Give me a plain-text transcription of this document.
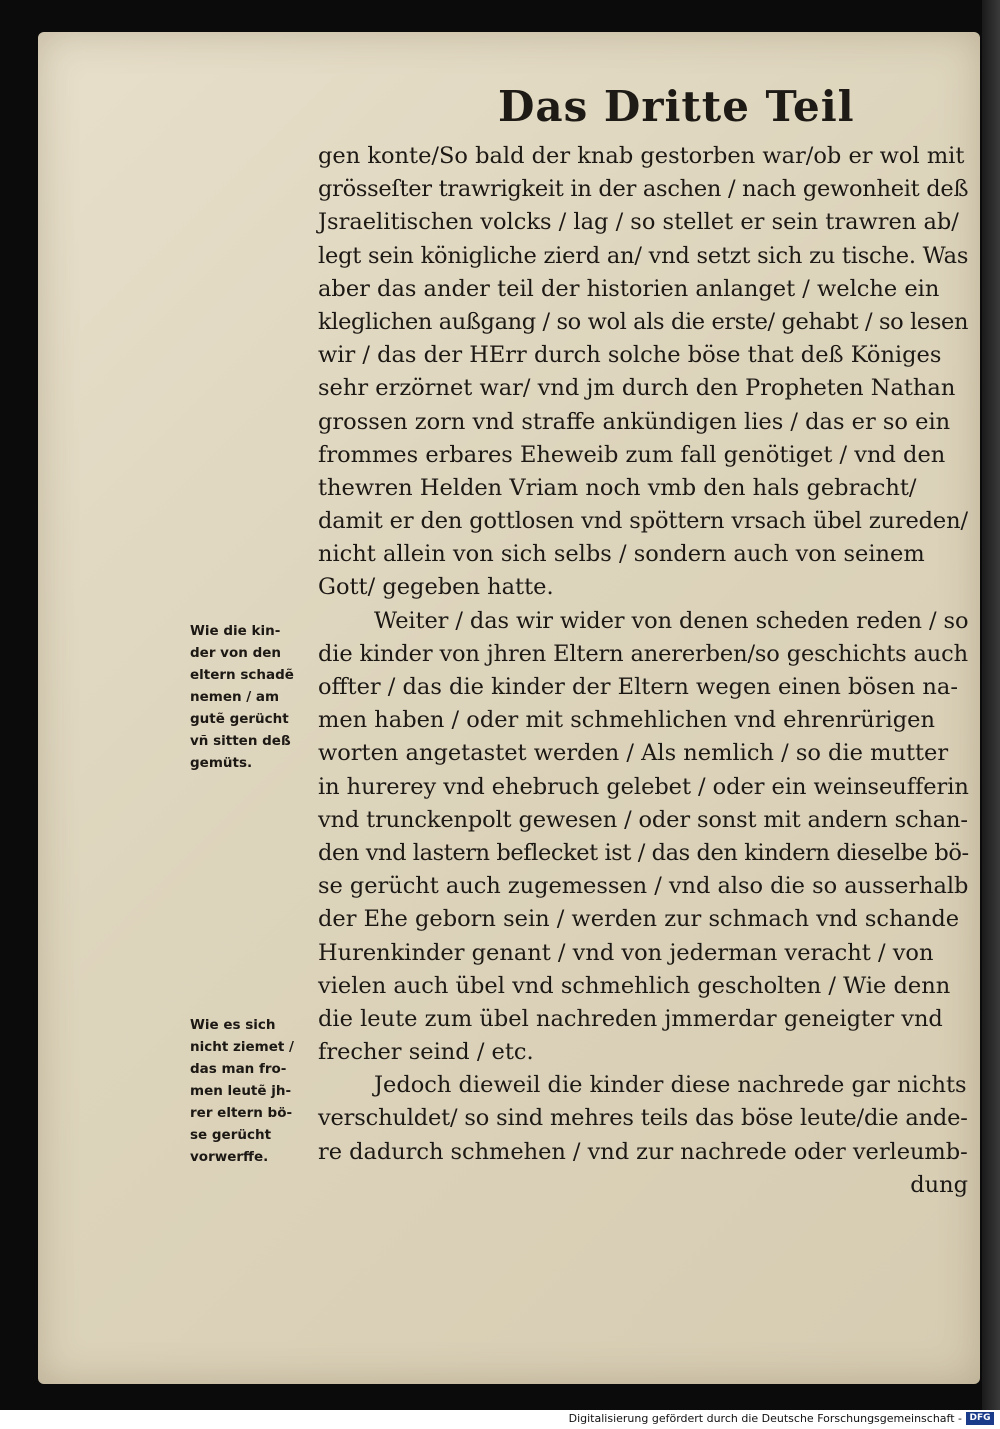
Das Dritte Teil
gen konte/So bald der knab gestorben war/ob er wol mit
grösseſter trawrigkeit in der aschen / nach gewonheit deß
Jsraelitischen volcks / lag / so stellet er sein trawren ab/
legt sein königliche zierd an/ vnd setzt sich zu tische. Was
aber das ander teil der historien anlanget / welche ein
kleglichen außgang / so wol als die erste/ gehabt / so lesen
wir / das der HErr durch solche böse that deß Königes
sehr erzörnet war/ vnd jm durch den Propheten Nathan
grossen zorn vnd straffe ankündigen lies / das er so ein
frommes erbares Eheweib zum fall genötiget / vnd den
thewren Helden Vriam noch vmb den hals gebracht/
damit er den gottlosen vnd spöttern vrsach übel zureden/
nicht allein von sich selbs / sondern auch von seinem
Gott/ gegeben hatte.
Weiter / das wir wider von denen scheden reden / so
die kinder von jhren Eltern anererben/so geschichts auch
offter / das die kinder der Eltern wegen einen bösen na-
men haben / oder mit schmehlichen vnd ehrenrürigen
worten angetastet werden / Als nemlich / so die mutter
in hurerey vnd ehebruch gelebet / oder ein weinseufferin
vnd trunckenpolt gewesen / oder sonst mit andern schan-
den vnd lastern beflecket ist / das den kindern dieselbe bö-
se gerücht auch zugemessen / vnd also die so ausserhalb
der Ehe geborn sein / werden zur schmach vnd schande
Hurenkinder genant / vnd von jederman veracht / von
vielen auch übel vnd schmehlich gescholten / Wie denn
die leute zum übel nachreden jmmerdar geneigter vnd
frecher seind / etc.
Jedoch dieweil die kinder diese nachrede gar nichts
verschuldet/ so sind mehres teils das böse leute/die ande-
re dadurch schmehen / vnd zur nachrede oder verleumb-
dung
Wie die kin-
der von den
eltern schadẽ
nemen / am
gutẽ gerücht
vñ sitten deß
gemüts.
Wie es sich
nicht ziemet /
das man fro-
men leutẽ jh-
rer eltern bö-
se gerücht
vorwerffe.
Digitalisierung gefördert durch die Deutsche Forschungsgemeinschaft - DFG
